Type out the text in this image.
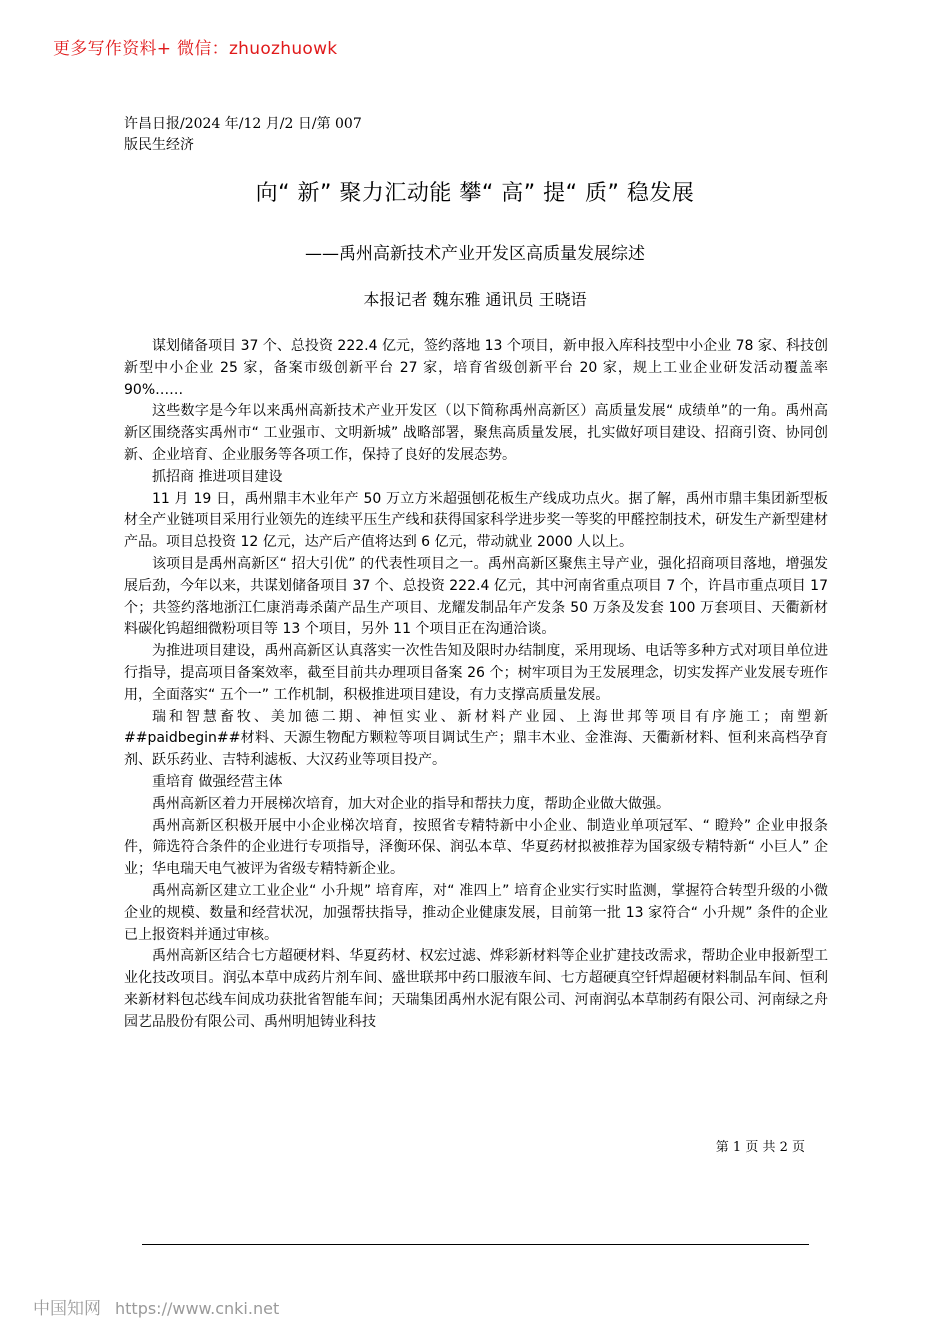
更多写作资料+ 微信：zhuozhuowk
许昌日报/2024 年/12 月/2 日/第 007
版民生经济
向“ 新” 聚力汇动能 攀“ 高” 提“ 质” 稳发展
——禹州高新技术产业开发区高质量发展综述
本报记者 魏东雅 通讯员 王晓语

谋划储备项目 37 个、总投资 222.4 亿元，签约落地 13 个项目，新申报入库科技型中小企业 78 家、科技创新型中小企业 25 家，备案市级创新平台 27 家，培育省级创新平台 20 家，规上工业企业研发活动覆盖率 90%……

这些数字是今年以来禹州高新技术产业开发区（以下简称禹州高新区）高质量发展“ 成绩单”的一角。禹州高新区围绕落实禹州市“ 工业强市、文明新城” 战略部署，聚焦高质量发展，扎实做好项目建设、招商引资、协同创新、企业培育、企业服务等各项工作，保持了良好的发展态势。

抓招商 推进项目建设

11 月 19 日，禹州鼎丰木业年产 50 万立方米超强刨花板生产线成功点火。据了解，禹州市鼎丰集团新型板材全产业链项目采用行业领先的连续平压生产线和获得国家科学进步奖一等奖的甲醛控制技术，研发生产新型建材产品。项目总投资 12 亿元，达产后产值将达到 6 亿元，带动就业 2000 人以上。

该项目是禹州高新区“ 招大引优” 的代表性项目之一。禹州高新区聚焦主导产业，强化招商项目落地，增强发展后劲，今年以来，共谋划储备项目 37 个、总投资 222.4 亿元，其中河南省重点项目 7 个，许昌市重点项目 17 个；共签约落地浙江仁康消毒杀菌产品生产项目、龙耀发制品年产发条 50 万条及发套 100 万套项目、天衢新材料碳化钨超细微粉项目等 13 个项目，另外 11 个项目正在沟通洽谈。

为推进项目建设，禹州高新区认真落实一次性告知及限时办结制度，采用现场、电话等多种方式对项目单位进行指导，提高项目备案效率，截至目前共办理项目备案 26 个；树牢项目为王发展理念，切实发挥产业发展专班作用，全面落实“ 五个一” 工作机制，积极推进项目建设，有力支撑高质量发展。

瑞和智慧畜牧、美加德二期、神恒实业、新材料产业园、上海世邦等项目有序施工；南塑新##paidbegin##材料、天源生物配方颗粒等项目调试生产；鼎丰木业、金淮海、天衢新材料、恒利来高档孕育剂、跃乐药业、吉特利滤板、大汉药业等项目投产。

重培育 做强经营主体

禹州高新区着力开展梯次培育，加大对企业的指导和帮扶力度，帮助企业做大做强。

禹州高新区积极开展中小企业梯次培育，按照省专精特新中小企业、制造业单项冠军、“ 瞪羚” 企业申报条件，筛选符合条件的企业进行专项指导，泽衡环保、润弘本草、华夏药材拟被推荐为国家级专精特新“ 小巨人” 企业；华电瑞天电气被评为省级专精特新企业。

禹州高新区建立工业企业“ 小升规” 培育库，对“ 准四上” 培育企业实行实时监测，掌握符合转型升级的小微企业的规模、数量和经营状况，加强帮扶指导，推动企业健康发展，目前第一批 13 家符合“ 小升规” 条件的企业已上报资料并通过审核。

禹州高新区结合七方超硬材料、华夏药材、权宏过滤、烨彩新材料等企业扩建技改需求，帮助企业申报新型工业化技改项目。润弘本草中成药片剂车间、盛世联邦中药口服液车间、七方超硬真空钎焊超硬材料制品车间、恒利来新材料包芯线车间成功获批省智能车间；天瑞集团禹州水泥有限公司、河南润弘本草制药有限公司、河南绿之舟园艺品股份有限公司、禹州明旭铸业科技

第 1 页 共 2 页
中国知网 https://www.cnki.net
